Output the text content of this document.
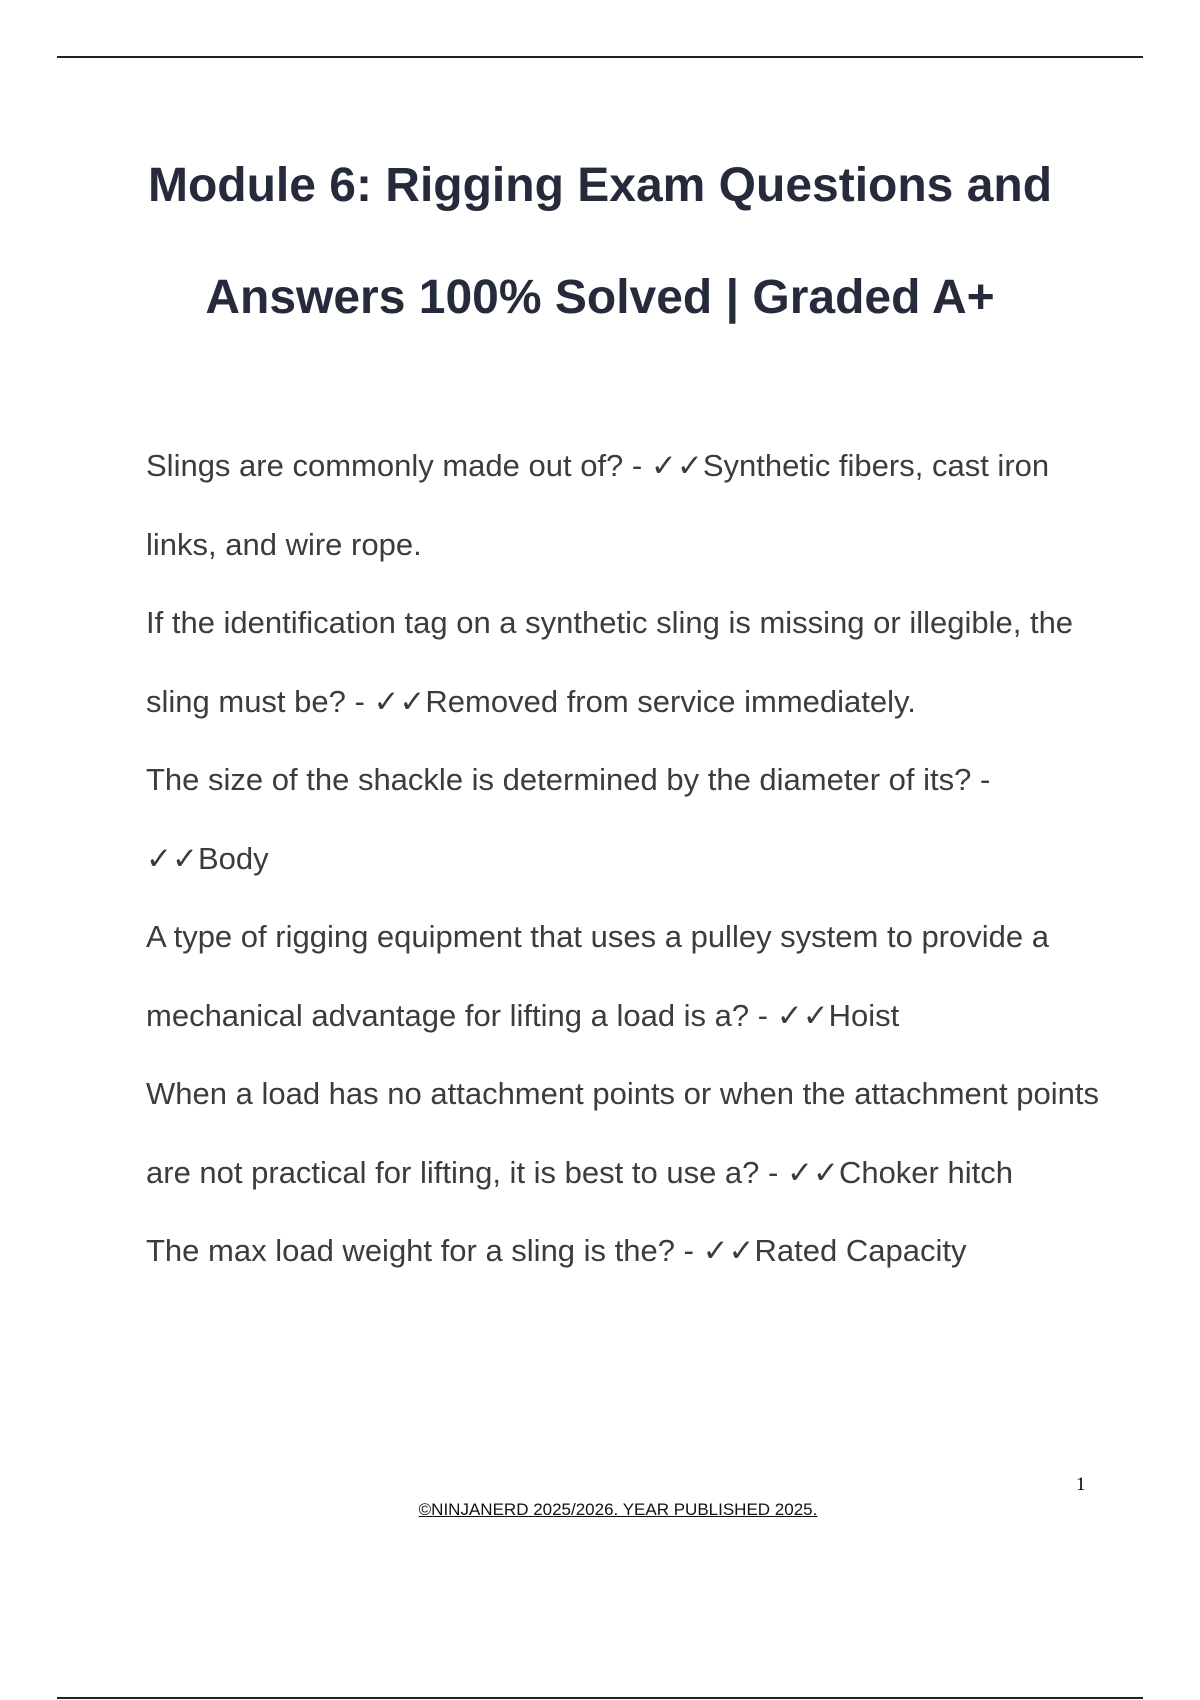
Module 6: Rigging Exam Questions and
Answers 100% Solved | Graded A+
Slings are commonly made out of? - ✓✓Synthetic fibers, cast iron links, and wire rope.
If the identification tag on a synthetic sling is missing or illegible, the sling must be? - ✓✓Removed from service immediately.
The size of the shackle is determined by the diameter of its? -
✓✓Body
A type of rigging equipment that uses a pulley system to provide a mechanical advantage for lifting a load is a? - ✓✓Hoist
When a load has no attachment points or when the attachment points are not practical for lifting, it is best to use a? - ✓✓Choker hitch
The max load weight for a sling is the? - ✓✓Rated Capacity
1
©NINJANERD 2025/2026. YEAR PUBLISHED 2025.
